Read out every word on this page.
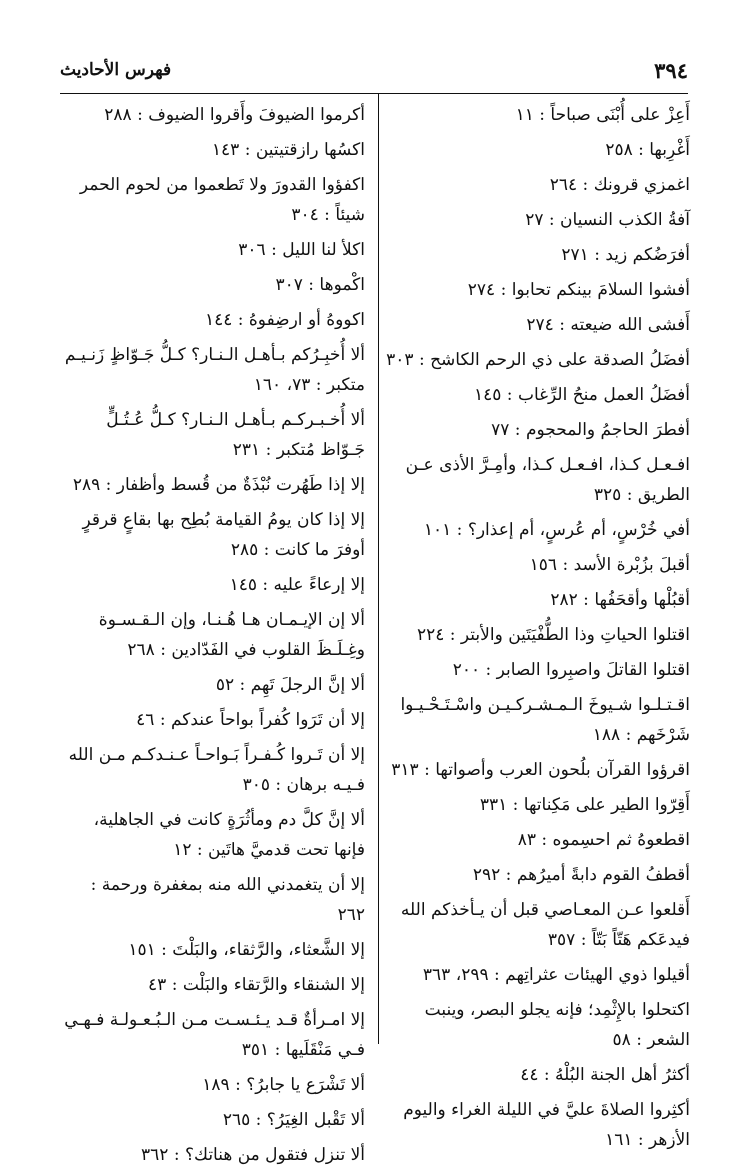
٣٩٤
فهرس الأحاديث
أَعِزْ على أُبْنَى صباحاً : ١١
أَغْرِبها : ٢٥٨
اغمزي قرونك : ٢٦٤
آفةُ الكذب النسيان : ٢٧
أفرَضُكم زيد : ٢٧١
أفشوا السلامَ بينكم تحابوا : ٢٧٤
أَفشى الله ضيعته : ٢٧٤
أفضَلُ الصدقة على ذي الرحم الكاشح : ٣٠٣
أفضَلُ العمل منحُ الرِّغاب : ١٤٥
أفطرَ الحاجمُ والمحجوم : ٧٧
افـعـل كـذا، افـعـل كـذا، وأمِـرَّ الأذى عـن الطريق : ٣٢٥
أفي خُرْسٍ، أم عُرسٍ، أم إعذار؟ : ١٠١
أقبلَ بزُبْرة الأسد : ١٥٦
أقبُلْها وأقحَفُها : ٢٨٢
اقتلوا الحياتِ وذا الطُّفْيَتَين والأبتر : ٢٢٤
اقتلوا القاتلَ واصبِروا الصابر : ٢٠٠
اقـتـلـوا شـيوخَ الـمـشـركـيـن واسْـتَـحْـيـوا شَرْخَهم : ١٨٨
اقرؤوا القرآن بلُحون العرب وأصواتها : ٣١٣
أَقِرّوا الطير على مَكِناتها : ٣٣١
اقطعوهُ ثم احسِموه : ٨٣
أقطفُ القوم دابةً أميرُهم : ٢٩٢
أَقلعوا عـن المعـاصي قبل أن يـأخذكم الله فيدعَكم هَتّاً بَتّاً : ٣٥٧
أقيلوا ذوي الهيئات عثراتِهم : ٢٩٩، ٣٦٣
اكتحلوا بالإِثْمِد؛ فإنه يجلو البصر، وينبت الشعر : ٥٨
أكثرُ أهل الجنة البُلْهُ : ٤٤
أكثِروا الصلاةَ عليَّ في الليلة الغراء واليوم الأزهر : ١٦١
أكرموا الضيوفَ وأَقروا الضيوف : ٢٨٨
اكسُها رازقتيتين : ١٤٣
اكفؤوا القدورَ ولا تَطعموا من لحوم الحمر شيئاً : ٣٠٤
اكلأ لنا الليل : ٣٠٦
اكْموها : ٣٠٧
اكووهُ أو ارضِفوهُ : ١٤٤
ألا أُخبِـرُكم بـأهـل الـنـار؟ كـلُّ جَـوّاظٍ زَنـيـم متكبر : ٧٣، ١٦٠
ألا أُخـبـركـم بـأهـل الـنـار؟ كـلُّ عُـتُـلٍّ جَـوّاظ مُتكبر : ٢٣١
إلا إذا طَهُرت نُبْذَةٌ من قُسط وأظفار : ٢٨٩
إلا إذا كان يومُ القيامة بُطِح بها بقاعٍ قرقرٍ أوفرَ ما كانت : ٢٨٥
إلا إرعاءً عليه : ١٤٥
ألا إن الإيـمـان هـا هُـنـا، وإن الـقـسـوة وغِـلَـظَ القلوب في الفَدّادين : ٢٦٨
ألا إنَّ الرجلَ تَهِم : ٥٢
إلا أن تَرَوا كُفراً بواحاً عندكم : ٤٦
إلا أن تَـروا كُـفـراً بَـواحـاً عـنـدكـم مـن الله فـيـه برهان : ٣٠٥
ألا إنَّ كلَّ دم ومأثُرَةٍ كانت في الجاهلية، فإنها تحت قدميَّ هاتَين : ١٢
إلا أن يتغمدني الله منه بمغفرة ورحمة : ٢٦٢
إلا الشَّعثاء، والرَّثقاء، والبَلْتَ : ١٥١
إلا الشنقاء والرَّتقاء والبَلْت : ٤٣
إلا امـرأةٌ قـد يـئـسـت مـن الـبُـعـولـة فـهـي فـي مَنْقَلَيها : ٣٥١
ألا تَشْرَع يا جابرُ؟ : ١٨٩
ألا تَقْبل الغِيَرُ؟ : ٢٦٥
ألا تنزل فتقول من هناتك؟ : ٣٦٢
